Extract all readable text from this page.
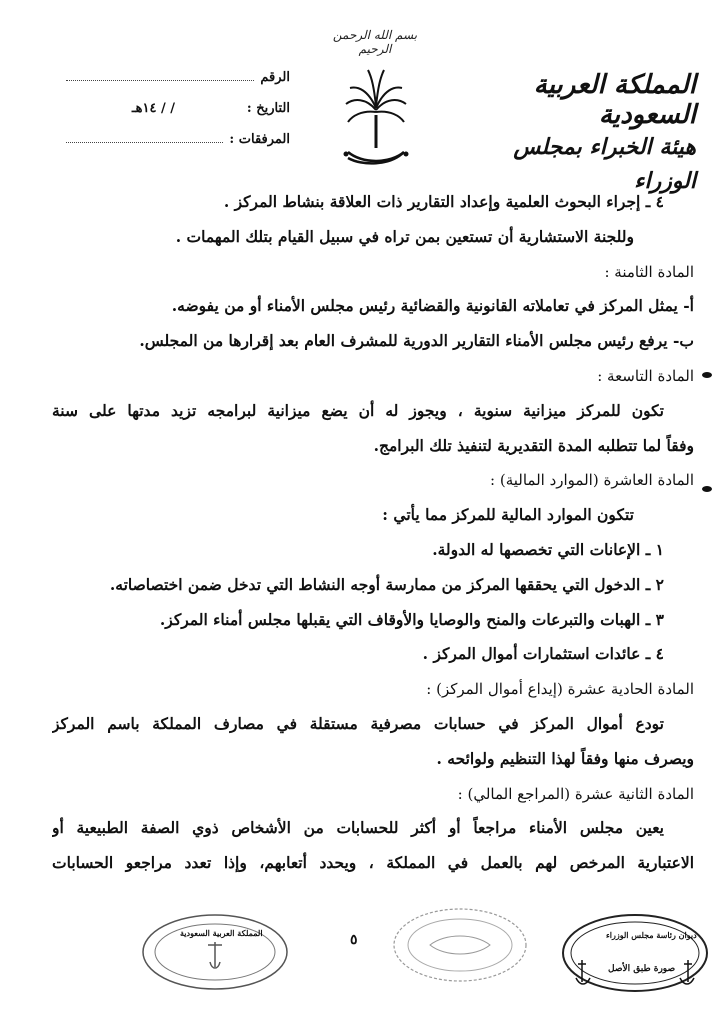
بسم الله الرحمن الرحيم
المملكة العربية السعودية
هيئة الخبراء بمجلس الوزراء
الرقم
التاريخ :
/ / ١٤هـ
المرفقات :
٤ ـ إجراء البحوث العلمية وإعداد التقارير ذات العلاقة بنشاط المركز .
وللجنة الاستشارية أن تستعين بمن تراه في سبيل القيام بتلك المهمات .
المادة الثامنة :
أ- يمثل المركز في تعاملاته القانونية والقضائية رئيس مجلس الأمناء أو من يفوضه.
ب- يرفع رئيس مجلس الأمناء التقارير الدورية للمشرف العام بعد إقرارها من المجلس.
المادة التاسعة :
تكون للمركز ميزانية سنوية ، ويجوز له أن يضع ميزانية لبرامجه تزيد مدتها على سنة
وفقاً لما تتطلبه المدة التقديرية لتنفيذ تلك البرامج.
المادة العاشرة (الموارد المالية) :
تتكون الموارد المالية للمركز مما يأتي :
١ ـ الإعانات التي تخصصها له الدولة.
٢ ـ الدخول التي يحققها المركز من ممارسة أوجه النشاط التي تدخل ضمن اختصاصاته.
٣ ـ الهبات والتبرعات والمنح والوصايا والأوقاف التي يقبلها مجلس أمناء المركز.
٤ ـ عائدات استثمارات أموال المركز .
المادة الحادية عشرة (إيداع أموال المركز) :
تودع أموال المركز في حسابات مصرفية مستقلة في مصارف المملكة باسم المركز
ويصرف منها وفقاً لهذا التنظيم ولوائحه .
المادة الثانية عشرة (المراجع المالي) :
يعين مجلس الأمناء مراجعاً أو أكثر للحسابات من الأشخاص ذوي الصفة الطبيعية أو
الاعتبارية المرخص لهم بالعمل في المملكة ، ويحدد أتعابهم، وإذا تعدد مراجعو الحسابات
٥
المملكة العربية السعودية	ديوان رئاسة مجلس الوزراء
صورة طبق الأصل
